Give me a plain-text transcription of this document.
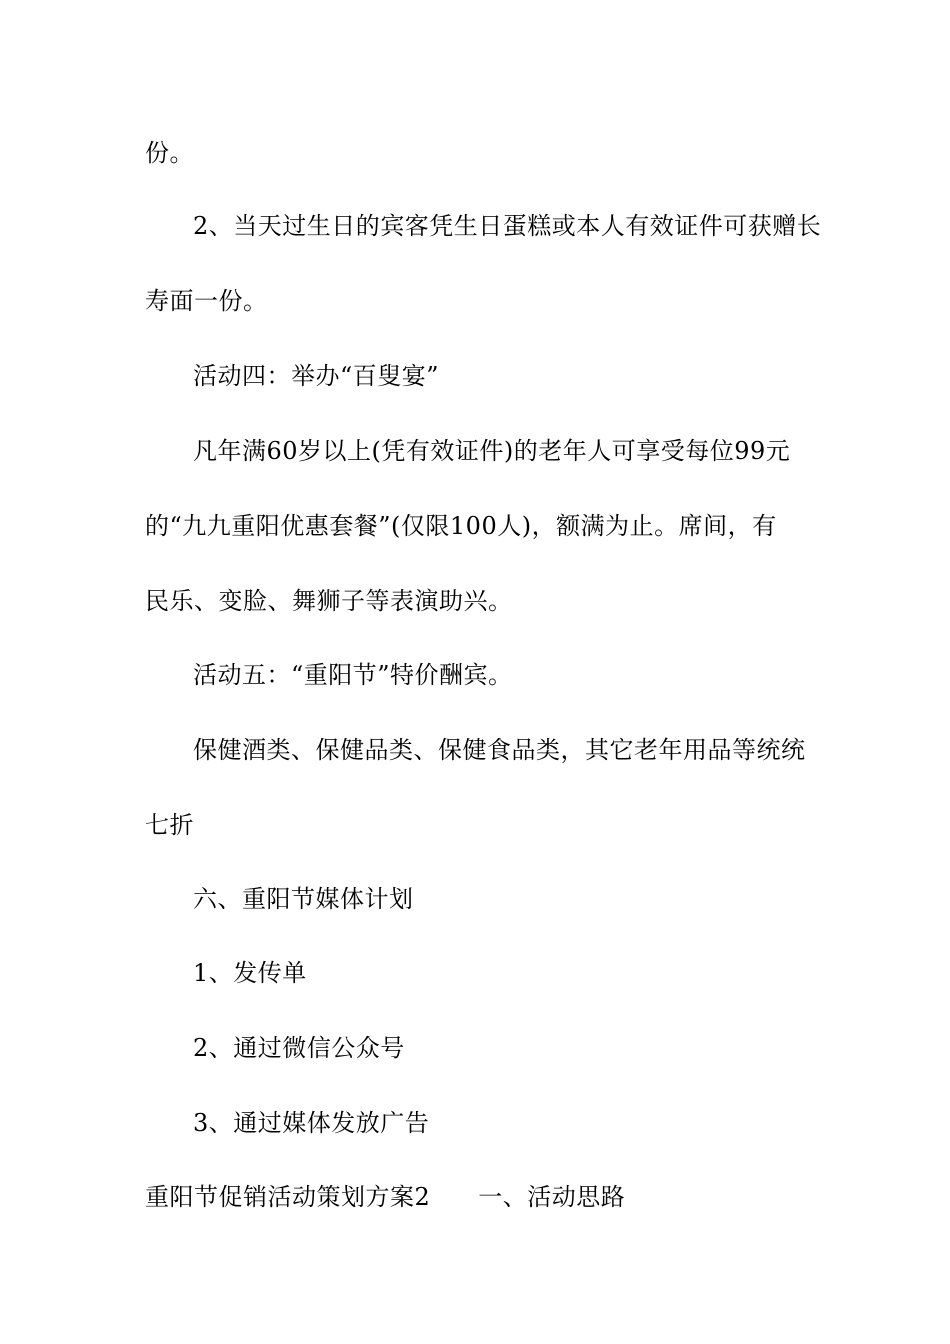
份。
2、当天过生日的宾客凭生日蛋糕或本人有效证件可获赠长
寿面一份。
活动四：举办“百叟宴”
凡年满60岁以上(凭有效证件)的老年人可享受每位99元
的“九九重阳优惠套餐”(仅限100人)，额满为止。席间，有
民乐、变脸、舞狮子等表演助兴。
活动五：“重阳节”特价酬宾。
保健酒类、保健品类、保健食品类，其它老年用品等统统
七折
六、重阳节媒体计划
1、发传单
2、通过微信公众号
3、通过媒体发放广告
重阳节促销活动策划方案2 一、活动思路
